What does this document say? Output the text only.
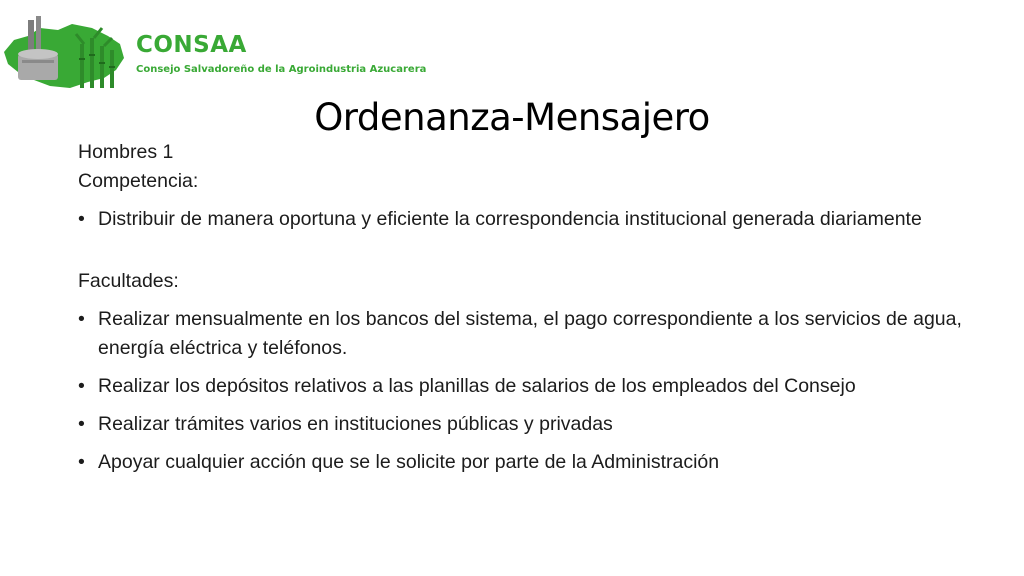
CONSAA
Consejo Salvadoreño de la Agroindustria Azucarera
Ordenanza-Mensajero

Hombres 1

Competencia:

• Distribuir de manera oportuna y eficiente la correspondencia institucional generada diariamente

Facultades:

• Realizar mensualmente en los bancos del sistema, el pago correspondiente a los servicios de agua, energía eléctrica y teléfonos.
• Realizar los depósitos relativos a las planillas de salarios de los empleados del Consejo
• Realizar trámites varios en instituciones públicas y privadas
• Apoyar cualquier acción que se le solicite por parte de la Administración
